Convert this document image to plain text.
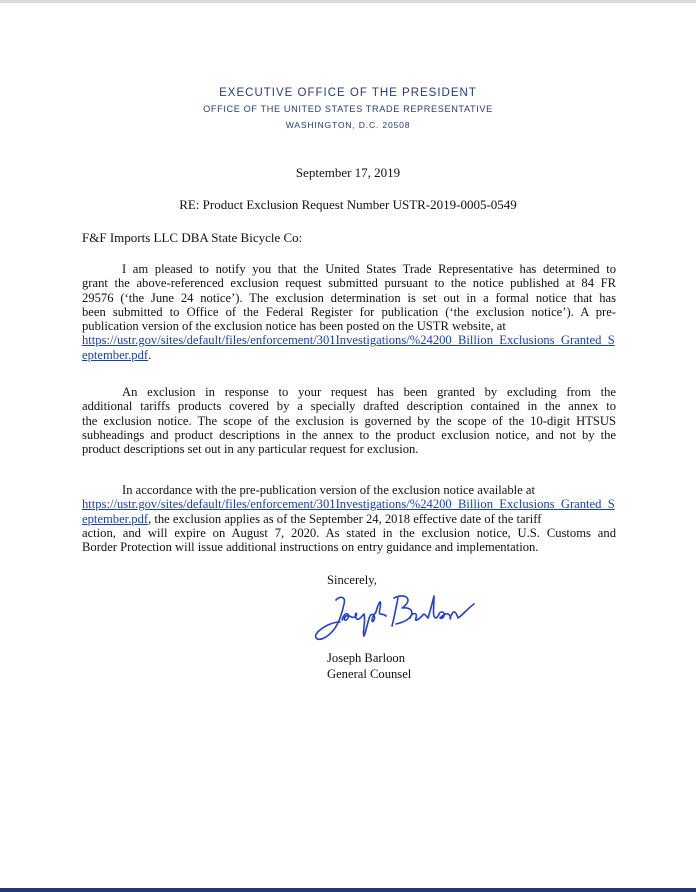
EXECUTIVE OFFICE OF THE PRESIDENT
OFFICE OF THE UNITED STATES TRADE REPRESENTATIVE
WASHINGTON, D.C. 20508
September 17, 2019
RE: Product Exclusion Request Number USTR-2019-0005-0549
F&F Imports LLC DBA State Bicycle Co:
I am pleased to notify you that the United States Trade Representative has determined to
grant the above-referenced exclusion request submitted pursuant to the notice published at 84 FR
29576 (‘the June 24 notice’). The exclusion determination is set out in a formal notice that has
been submitted to Office of the Federal Register for publication (‘the exclusion notice’). A pre-
publication version of the exclusion notice has been posted on the USTR website, at
https://ustr.gov/sites/default/files/enforcement/301Investigations/%24200_Billion_Exclusions_Granted_S
eptember.pdf.
An exclusion in response to your request has been granted by excluding from the
additional tariffs products covered by a specially drafted description contained in the annex to
the exclusion notice. The scope of the exclusion is governed by the scope of the 10-digit HTSUS
subheadings and product descriptions in the annex to the product exclusion notice, and not by the
product descriptions set out in any particular request for exclusion.
In accordance with the pre-publication version of the exclusion notice available at
https://ustr.gov/sites/default/files/enforcement/301Investigations/%24200_Billion_Exclusions_Granted_S
eptember.pdf, the exclusion applies as of the September 24, 2018 effective date of the tariff
action, and will expire on August 7, 2020. As stated in the exclusion notice, U.S. Customs and
Border Protection will issue additional instructions on entry guidance and implementation.
Sincerely,
Joseph Barloon
General Counsel
